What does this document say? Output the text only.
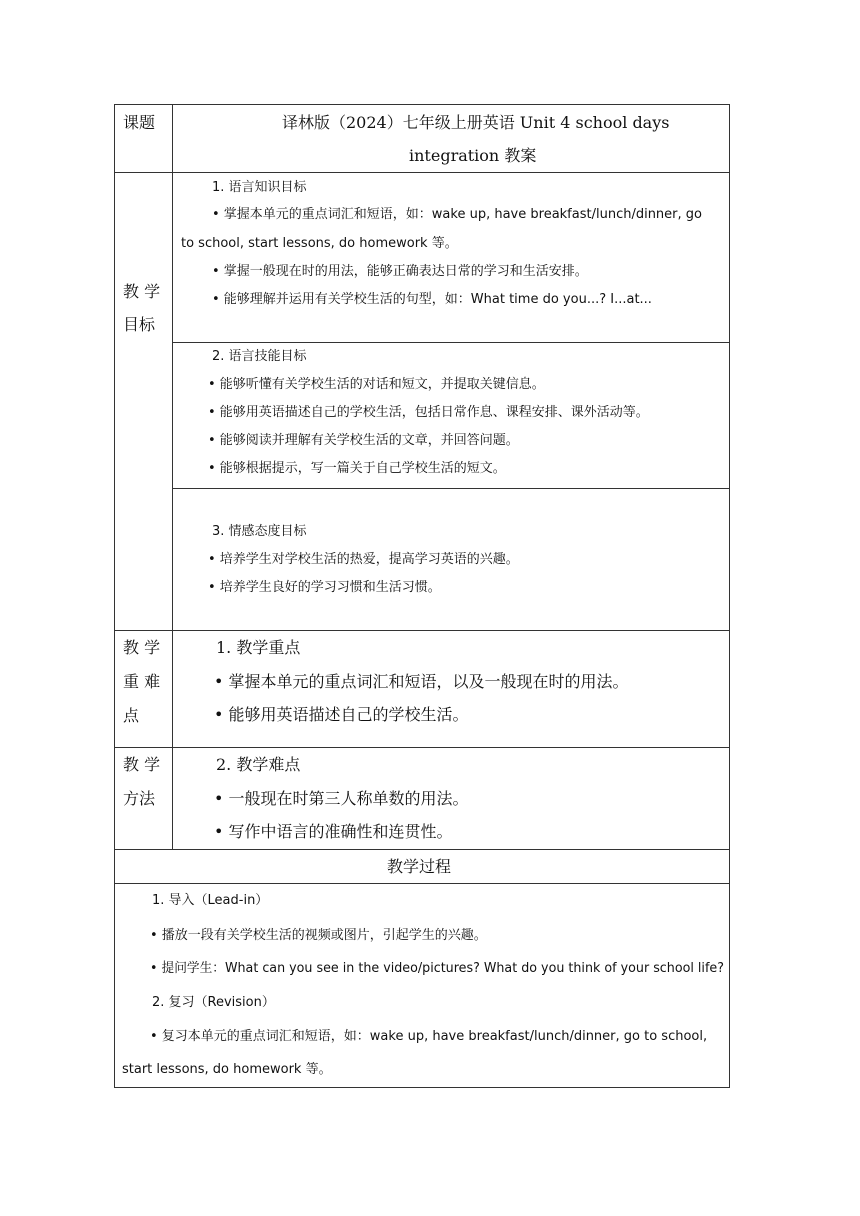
课题	译林版（2024）七年级上册英语 Unit 4 school days
integration 教案
教 学
目标
1. 语言知识目标
• 掌握本单元的重点词汇和短语，如：wake up, have breakfast/lunch/dinner, go
to school, start lessons, do homework 等。
• 掌握一般现在时的用法，能够正确表达日常的学习和生活安排。
• 能够理解并运用有关学校生活的句型，如：What time do you...? I...at...
2. 语言技能目标
• 能够听懂有关学校生活的对话和短文，并提取关键信息。
• 能够用英语描述自己的学校生活，包括日常作息、课程安排、课外活动等。
• 能够阅读并理解有关学校生活的文章，并回答问题。
• 能够根据提示，写一篇关于自己学校生活的短文。
3. 情感态度目标
• 培养学生对学校生活的热爱，提高学习英语的兴趣。
• 培养学生良好的学习习惯和生活习惯。
教 学
重 难
点
1. 教学重点
• 掌握本单元的重点词汇和短语，以及一般现在时的用法。
• 能够用英语描述自己的学校生活。
教 学
方法
2. 教学难点
• 一般现在时第三人称单数的用法。
• 写作中语言的准确性和连贯性。
教学过程
1. 导入（Lead-in）
• 播放一段有关学校生活的视频或图片，引起学生的兴趣。
• 提问学生：What can you see in the video/pictures? What do you think of your school life?
2. 复习（Revision）
• 复习本单元的重点词汇和短语，如：wake up, have breakfast/lunch/dinner, go to school,
start lessons, do homework 等。
